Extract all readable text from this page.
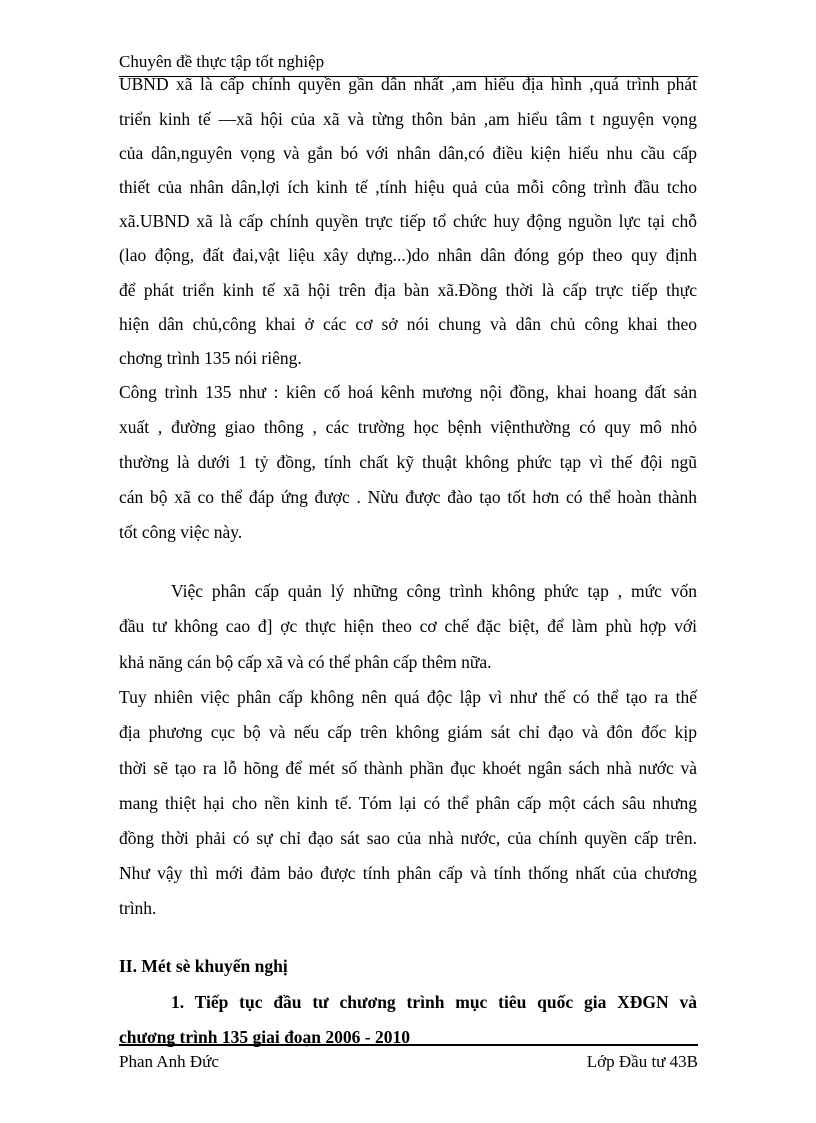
Chuyên đề thực tập tốt nghiệp
UBND xã là cấp chính quyền gần dân nhất ,am hiểu địa hình ,quá trình phát
triển kinh tế —xã hội của xã và từng thôn bản ,am hiểu tâm t nguyện vọng
của dân,nguyên vọng và gắn bó với nhân dân,có điều kiện hiểu nhu cầu cấp
thiết của nhân dân,lợi ích kinh tế ,tính hiệu quả của mỗi công trình đầu tcho
xã.UBND xã là cấp chính quyền trực tiếp tổ chức huy động nguồn lực tại chỗ
(lao động, đất đai,vật liệu xây dựng...)do nhân dân đóng góp theo quy định
để phát triển kinh tế xã hội trên địa bàn xã.Đồng thời là cấp trực tiếp thực
hiện dân chủ,công khai ở các cơ sở nói chung và dân chủ công khai theo
chơng trình 135 nói riêng.
Công trình 135 như : kiên cố hoá kênh mương nội đồng, khai hoang đất sản
xuất , đường giao thông , các trường học bệnh việnthường có quy mô nhỏ
thường là dưới 1 tỷ đồng, tính chất kỹ thuật không phức tạp vì thế đội ngũ
cán bộ xã co thể đáp ứng được . Nừu được đào tạo tốt hơn có thể hoàn thành
tốt công việc này.
Việc phân cấp quản lý những công trình không phức tạp , mức vốn
đầu tư không cao đ] ợc thực hiện theo cơ chế đặc biệt, để làm phù hợp với
khả năng cán bộ cấp xã và có thể phân cấp thêm nữa.
Tuy nhiên việc phân cấp không nên quá độc lập vì như thế có thể tạo ra thế
địa phương cục bộ và nếu cấp trên không giám sát chỉ đạo và đôn đốc kịp
thời sẽ tạo ra lỗ hõng để mét số thành phần đục khoét ngân sách nhà nước và
mang thiệt hại cho nền kinh tế. Tóm lại có thể phân cấp một cách sâu nhưng
đồng thời phải có sự chỉ đạo sát sao của nhà nước, của chính quyền cấp trên.
Như vậy thì mới đảm bảo được tính phân cấp và tính thống nhất của chương
trình.
II. Mét sè khuyến nghị
1. Tiếp tục đầu tư chương trình mục tiêu quốc gia XĐGN và
chương trình 135 giai đoạn 2006 - 2010
Phan Anh Đức	Lớp Đầu tư 43B
